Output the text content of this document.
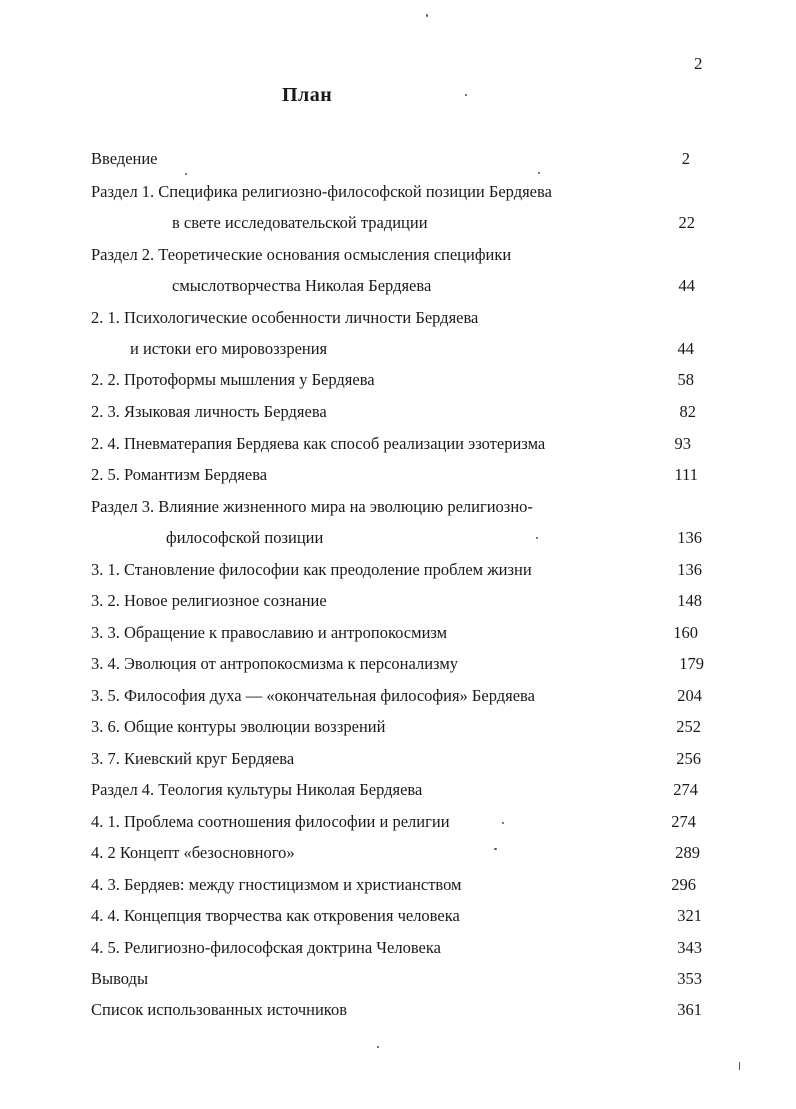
2
План
Введение	2
Раздел 1. Специфика религиозно-философской позиции Бердяева
в свете исследовательской традиции	22
Раздел 2. Теоретические основания осмысления специфики
смыслотворчества Николая Бердяева	44
2. 1. Психологические особенности личности Бердяева
и истоки его мировоззрения	44
2. 2. Протоформы мышления у Бердяева	58
2. 3. Языковая личность Бердяева	82
2. 4. Пневматерапия Бердяева как способ реализации эзотеризма	93
2. 5. Романтизм Бердяева	111
Раздел 3. Влияние жизненного мира на эволюцию религиозно-
философской позиции	136
3. 1. Становление философии как преодоление проблем жизни	136
3. 2. Новое религиозное сознание	148
3. 3. Обращение к православию и антропокосмизм	160
3. 4. Эволюция от антропокосмизма к персонализму	179
3. 5. Философия духа — «окончательная философия» Бердяева	204
3. 6. Общие контуры эволюции воззрений	252
3. 7. Киевский круг Бердяева	256
Раздел 4. Теология культуры Николая Бердяева	274
4. 1. Проблема соотношения философии и религии	274
4. 2 Концепт «безосновного»	289
4. 3. Бердяев: между гностицизмом и христианством	296
4. 4. Концепция творчества как откровения человека	321
4. 5. Религиозно-философская доктрина Человека	343
Выводы	353
Список использованных источников	361
